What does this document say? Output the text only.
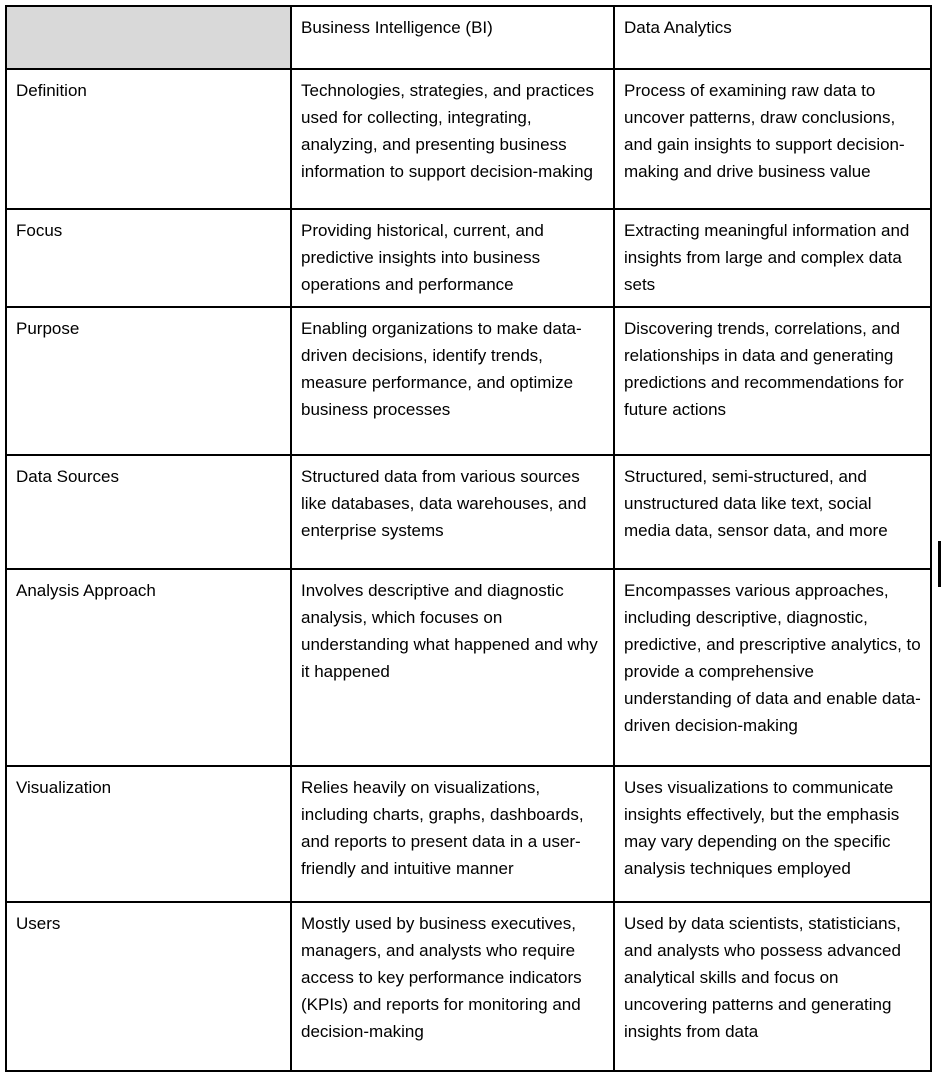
	Business Intelligence (BI)	Data Analytics
Definition	Technologies, strategies, and practices used for collecting, integrating, analyzing, and presenting business information to support decision-making	Process of examining raw data to uncover patterns, draw conclusions, and gain insights to support decision-making and drive business value
Focus	Providing historical, current, and predictive insights into business operations and performance	Extracting meaningful information and insights from large and complex data sets
Purpose	Enabling organizations to make data-driven decisions, identify trends, measure performance, and optimize business processes	Discovering trends, correlations, and relationships in data and generating predictions and recommendations for future actions
Data Sources	Structured data from various sources like databases, data warehouses, and enterprise systems	Structured, semi-structured, and unstructured data like text, social media data, sensor data, and more
Analysis Approach	Involves descriptive and diagnostic analysis, which focuses on understanding what happened and why it happened	Encompasses various approaches, including descriptive, diagnostic, predictive, and prescriptive analytics, to provide a comprehensive understanding of data and enable data-driven decision-making
Visualization	Relies heavily on visualizations, including charts, graphs, dashboards, and reports to present data in a user-friendly and intuitive manner	Uses visualizations to communicate insights effectively, but the emphasis may vary depending on the specific analysis techniques employed
Users	Mostly used by business executives, managers, and analysts who require access to key performance indicators (KPIs) and reports for monitoring and decision-making	Used by data scientists, statisticians, and analysts who possess advanced analytical skills and focus on uncovering patterns and generating insights from data
